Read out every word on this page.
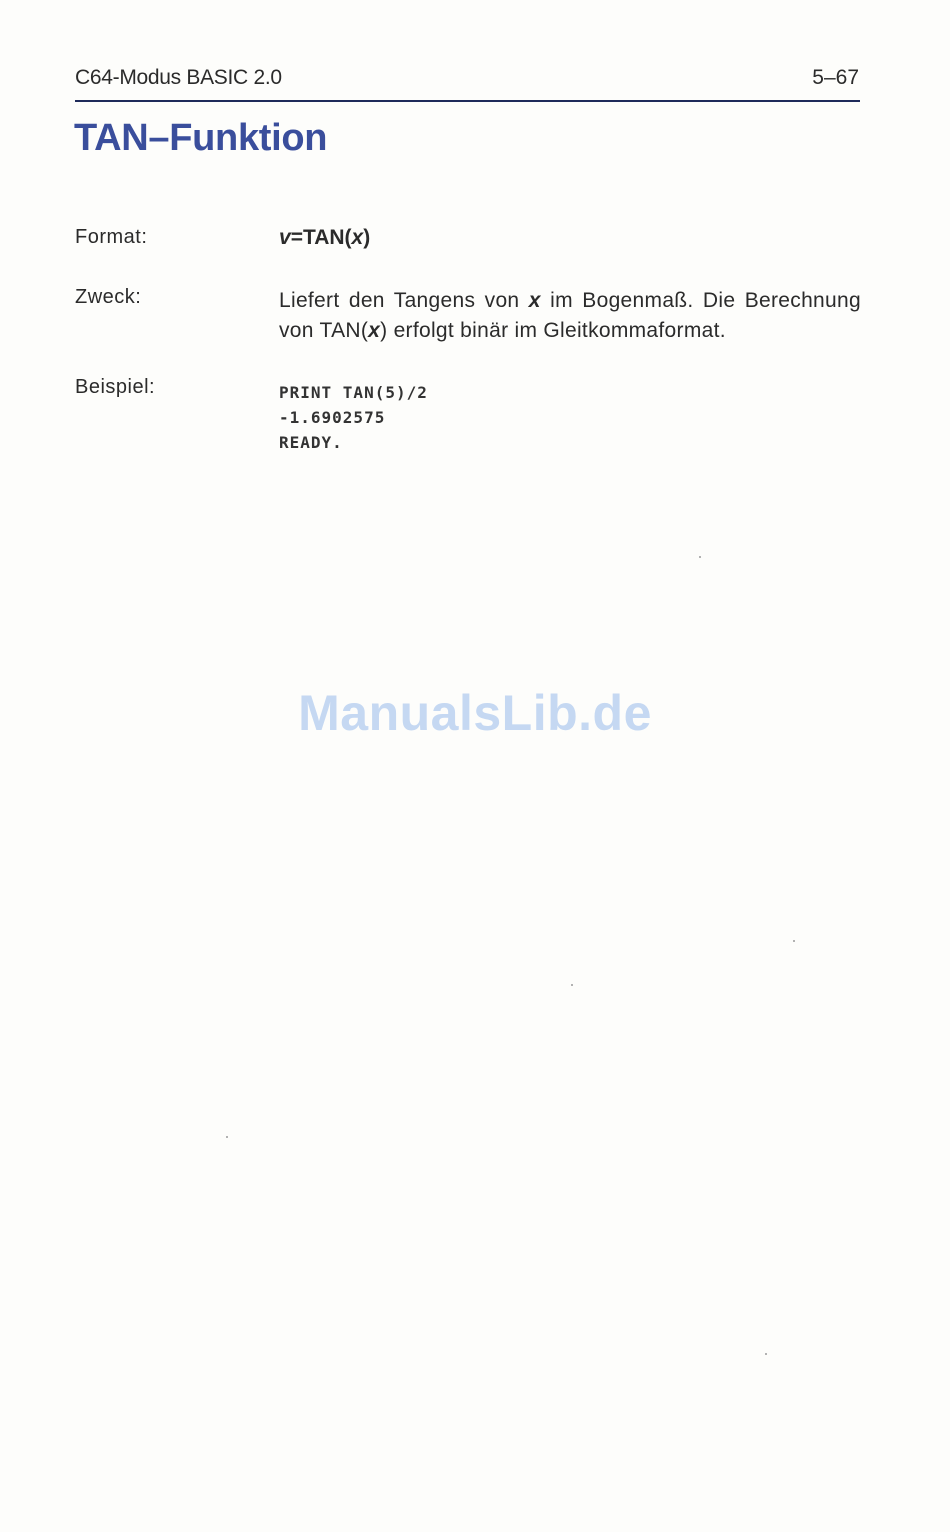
C64-Modus BASIC 2.0	5–67
TAN–Funktion
Format:	v=TAN(x)
Zweck:	Liefert den Tangens von x im Bogenmaß. Die Berechnung von TAN(x) erfolgt binär im Gleitkommaformat.
Beispiel:	PRINT TAN(5)/2
-1.6902575
READY.
ManualsLib.de
